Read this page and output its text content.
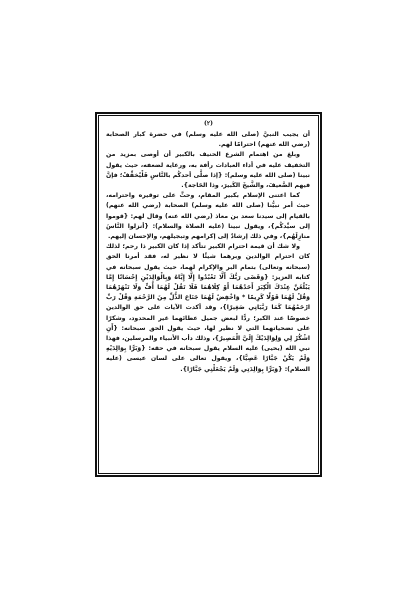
(٢)

أن يجيب النبيَّ (صلى الله عليه وسلم) في حضرة كبار الصحابة (رضي الله عنهم) احترامًا لهم.

وبلغ من اهتمام الشرع الحنيف بالكبير أن أوصى بمزيد من التخفيف عليه في أداء العبادات رأفة به، ورعاية لضعفه، حيث يقول نبينا (صلى الله عليه وسلم): {إذا صلَّى أحدكُم بالنَّاسِ فَلْيُخفِّفْ؛ فإنَّ فيهم الضَّعيفَ، والشَّيخَ الكَبيرَ، وذا الحَاجة}.

كما اعتنى الإسلام بكبير المقام، وحثَّ على توقيره واحترامه، حيث أمر نبيُّنا (صلى الله عليه وسلم) الصحابة (رضي الله عنهم) بالقيام إلى سيدنا سعد بن معاذ (رضي الله عنه) وقال لهم: {قوموا إلى سيِّدكُم}، ويقول نبينا (عليه الصلاة والسلام): {أنزلوا النَّاسَ منازِلَهُم}، وفي ذلك إرشادٌ إلى إكرامهم وتبجيلهم، والإحسان إليهم.

ولا شك أن قيمة احترام الكبير تتأكد إذا كان الكبير ذا رحم؛ لذلك كان احترام الوالدين وبرهما شيئًا لا نظير له، فقد أمرنا الحق (سبحانه وتعالى) بتمام البر والإكرام لهما، حيث يقول سبحانه في كتابه العزيز: {وَقَضَى رَبُّكَ أَلَّا تَعْبُدُوا إِلَّا إِيَّاهُ وَبِالْوَالِدَيْنِ إِحْسَانًا إِمَّا يَبْلُغَنَّ عِنْدَكَ الْكِبَرَ أَحَدُهُمَا أَوْ كِلَاهُمَا فَلَا تَقُلْ لَهُمَا أُفٍّ وَلَا تَنْهَرْهُمَا وَقُلْ لَهُمَا قَوْلًا كَرِيمًا * وَاخْفِضْ لَهُمَا جَنَاحَ الذُّلِّ مِنَ الرَّحْمَةِ وَقُلْ رَبِّ ارْحَمْهُمَا كَمَا رَبَّيَانِي صَغِيرًا}، وقد أكدت الآيات على حق الوالدين خصوصًا عند الكبر؛ ردًّا لبعض جميل عطائهما غير المحدود، وشكرًا على تضحياتهما التي لا نظير لها، حيث يقول الحق سبحانه: {أَنِ اشْكُرْ لِي وَلِوَالِدَيْكَ إِلَيَّ الْمَصِيرُ}، وذلك دأب الأنبياء والمرسلين، فهذا نبي الله (يحيى) عليه السلام يقول سبحانه في حقه: {وَبَرًّا بِوَالِدَيْهِ وَلَمْ يَكُنْ جَبَّارًا عَصِيًّا}، ويقول تعالى على لسان عيسى (عليه السلام): {وَبَرًّا بِوَالِدَتِي وَلَمْ يَجْعَلْنِي جَبَّارًا}.
